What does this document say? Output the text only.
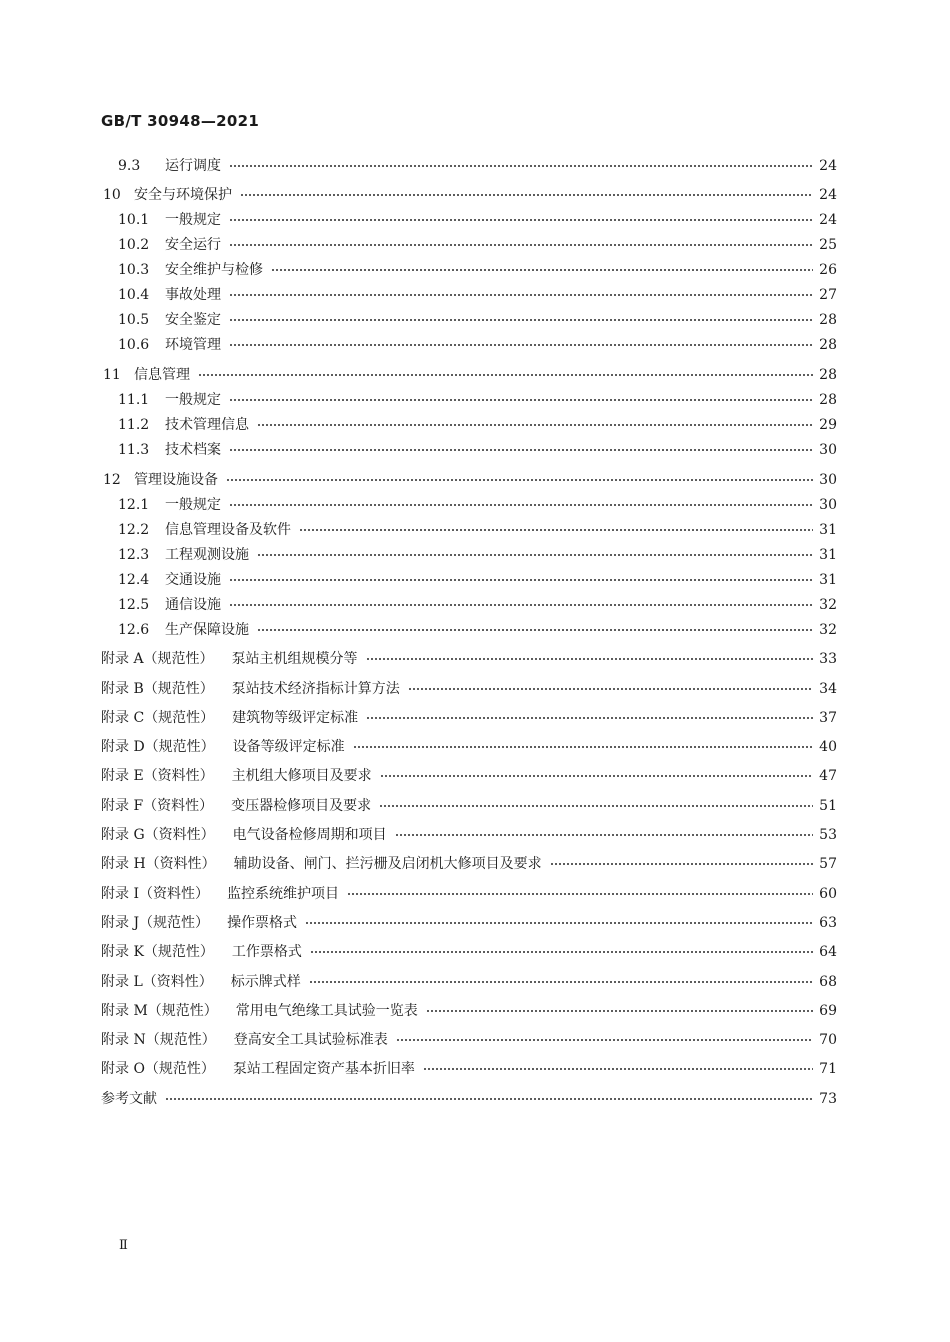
GB/T 30948—2021
9.3	运行调度	24
10 安全与环境保护	24
10.1	一般规定	24
10.2	安全运行	25
10.3	安全维护与检修	26
10.4	事故处理	27
10.5	安全鉴定	28
10.6	环境管理	28
11 信息管理	28
11.1	一般规定	28
11.2	技术管理信息	29
11.3	技术档案	30
12 管理设施设备	30
12.1	一般规定	30
12.2	信息管理设备及软件	31
12.3	工程观测设施	31
12.4	交通设施	31
12.5	通信设施	32
12.6	生产保障设施	32
附录 A（规范性） 泵站主机组规模分等	33
附录 B（规范性） 泵站技术经济指标计算方法	34
附录 C（规范性） 建筑物等级评定标准	37
附录 D（规范性） 设备等级评定标准	40
附录 E（资料性） 主机组大修项目及要求	47
附录 F（资料性） 变压器检修项目及要求	51
附录 G（资料性） 电气设备检修周期和项目	53
附录 H（资料性） 辅助设备、闸门、拦污栅及启闭机大修项目及要求	57
附录 I（资料性） 监控系统维护项目	60
附录 J（规范性） 操作票格式	63
附录 K（规范性） 工作票格式	64
附录 L（资料性） 标示牌式样	68
附录 M（规范性） 常用电气绝缘工具试验一览表	69
附录 N（规范性） 登高安全工具试验标准表	70
附录 O（规范性） 泵站工程固定资产基本折旧率	71
参考文献	73
Ⅱ
